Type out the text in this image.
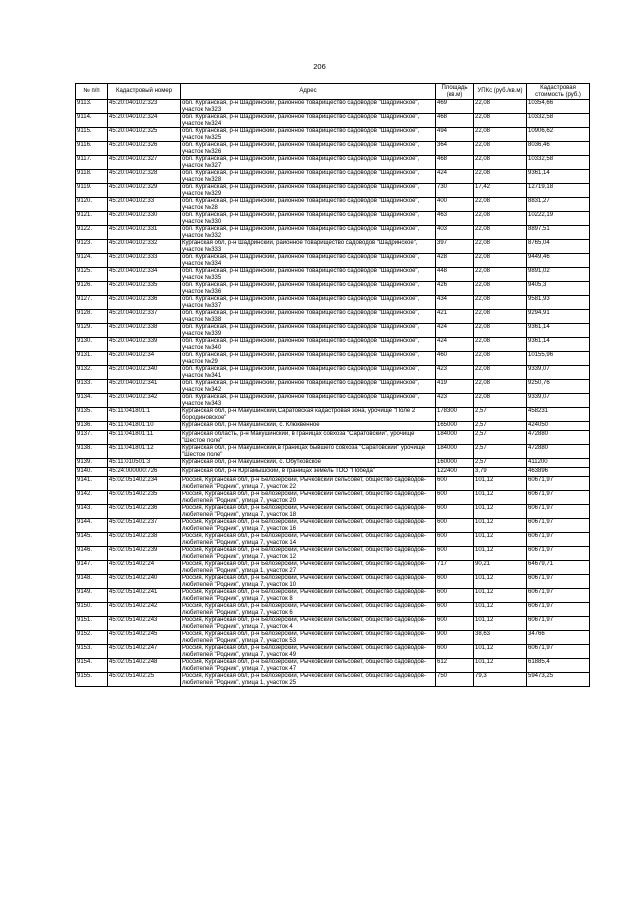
206
№ п/п	Кадастровый номер	Адрес	Площадь (кв.м)	УПКс (руб./кв.м)	Кадастровая стоимость (руб.)
9113.	45:20:040102:323	обл. Курганская, р-н Шадринский, районное товарищество садоводов "Шадринское", участок №323	469	22,08	10354,66
9114.	45:20:040102:324	обл. Курганская, р-н Шадринский, районное товарищество садоводов "Шадринское", участок №324	468	22,08	10332,58
9115.	45:20:040102:325	обл. Курганская, р-н Шадринский, районное товарищество садоводов "Шадринское", участок №325	494	22,08	10906,62
9116.	45:20:040102:326	обл. Курганская, р-н Шадринский, районное товарищество садоводов "Шадринское", участок №326	364	22,08	8036,46
9117.	45:20:040102:327	обл. Курганская, р-н Шадринский, районное товарищество садоводов "Шадринское", участок №327	468	22,08	10332,58
9118.	45:20:040102:328	обл. Курганская, р-н Шадринский, районное товарищество садоводов "Шадринское", участок №328	424	22,08	9361,14
9119.	45:20:040102:329	обл. Курганская, р-н Шадринский, районное товарищество садоводов "Шадринское", участок №329	730	17,42	12719,18
9120.	45:20:040102:33	обл. Курганская, р-н Шадринский, районное товарищество садоводов "Шадринское", участок №28	400	22,08	8831,27
9121.	45:20:040102:330	обл. Курганская, р-н Шадринский, районное товарищество садоводов "Шадринское", участок №330	463	22,08	10222,19
9122.	45:20:040102:331	обл. Курганская, р-н Шадринский, районное товарищество садоводов "Шадринское", участок №332	403	22,08	8897,51
9123.	45:20:040102:332	Курганская обл, р-н Шадринский, районное товарищество садоводов "Шадринское", участок №333	397	22,08	8765,04
9124.	45:20:040102:333	обл. Курганская, р-н Шадринский, районное товарищество садоводов "Шадринское", участок №334	428	22,08	9449,46
9125.	45:20:040102:334	обл. Курганская, р-н Шадринский, районное товарищество садоводов "Шадринское", участок №335	448	22,08	9891,02
9126.	45:20:040102:335	обл. Курганская, р-н Шадринский, районное товарищество садоводов "Шадринское", участок №336	426	22,08	9405,3
9127.	45:20:040102:336	обл. Курганская, р-н Шадринский, районное товарищество садоводов "Шадринское", участок №337	434	22,08	9581,93
9128.	45:20:040102:337	обл. Курганская, р-н Шадринский, районное товарищество садоводов "Шадринское", участок №338	421	22,08	9294,91
9129.	45:20:040102:338	обл. Курганская, р-н Шадринский, районное товарищество садоводов "Шадринское", участок №339	424	22,08	9361,14
9130.	45:20:040102:339	обл. Курганская, р-н Шадринский, районное товарищество садоводов "Шадринское", участок №340	424	22,08	9361,14
9131.	45:20:040102:34	обл. Курганская, р-н Шадринский, районное товарищество садоводов "Шадринское", участок №29	460	22,08	10155,96
9132.	45:20:040102:340	обл. Курганская, р-н Шадринский, районное товарищество садоводов "Шадринское", участок №341	423	22,08	9339,07
9133.	45:20:040102:341	обл. Курганская, р-н Шадринский, районное товарищество садоводов "Шадринское", участок №342	419	22,08	9250,76
9134.	45:20:040102:342	обл. Курганская, р-н Шадринский, районное товарищество садоводов "Шадринское", участок №343	423	22,08	9339,07
9135.	45:11:041801:1	Курганская обл, р-н Макушинский,Саратовская кадастровая зона, урочище "Поле 2 бородиновское"	178300	2,57	458231
9136.	45:11:041801:10	Курганская обл, р-н Макушинский, с. Клюквенное	165000	2,57	424050
9137.	45:11:041801:11	Курганская область, р-н Макушинский, в границах совхоза "Саратовский", урочище "Шестое поле"	184000	2,57	472880
9138.	45:11:041801:12	Курганская обл, р-н Макушинский,в границах бывшего совхоза "Саратовский" урочище "Шестое поле"	184000	2,57	472880
9139.	45:11:010501:3	Курганская обл, р-н Макушинский, с. Обутковское	160000	2,57	411200
9140.	45:24:000000:726	Курганская обл, р-н Юргамышский, в границах земель ТОО "Победа"	122400	3,79	463896
9141.	45:02:051402:234	Россия, Курганская обл, р-н Белозерский, Рычковский сельсовет, общество садоводов-любителей "Родник", улица 7, участок 22	600	101,12	60671,97
9142.	45:02:051402:235	Россия, Курганская обл, р-н Белозерский, Рычковский сельсовет, общество садоводов-любителей "Родник", улица 7, участок 20	600	101,12	60671,97
9143.	45:02:051402:236	Россия, Курганская обл, р-н Белозерский, Рычковский сельсовет, общество садоводов-любителей "Родник", улица 7, участок 18	600	101,12	60671,97
9144.	45:02:051402:237	Россия, Курганская обл, р-н Белозерский, Рычковский сельсовет, общество садоводов-любителей "Родник", улица 7, участок 16	600	101,12	60671,97
9145.	45:02:051402:238	Россия, Курганская обл, р-н Белозерский, Рычковский сельсовет, общество садоводов-любителей "Родник", улица 7, участок 14	600	101,12	60671,97
9146.	45:02:051402:239	Россия, Курганская обл, р-н Белозерский, Рычковский сельсовет, общество садоводов-любителей "Родник", улица 7, участок 12	600	101,12	60671,97
9147.	45:02:051402:24	Россия, Курганская обл, р-н Белозерский, Рычковский сельсовет, общество садоводов-любителей "Родник", улица 1, участок 27	717	90,21	64679,71
9148.	45:02:051402:240	Россия, Курганская обл, р-н Белозерский, Рычковский сельсовет, общество садоводов-любителей "Родник", улица 7, участок 10	600	101,12	60671,97
9149.	45:02:051402:241	Россия, Курганская обл, р-н Белозерский, Рычковский сельсовет, общество садоводов-любителей "Родник", улица 7, участок 8	600	101,12	60671,97
9150.	45:02:051402:242	Россия, Курганская обл, р-н Белозерский, Рычковский сельсовет, общество садоводов-любителей "Родник", улица 7, участок 6	600	101,12	60671,97
9151.	45:02:051402:243	Россия, Курганская обл, р-н Белозерский, Рычковский сельсовет, общество садоводов-любителей "Родник", улица 7, участок 4	600	101,12	60671,97
9152.	45:02:051402:245	Россия, Курганская обл, р-н Белозерский, Рычковский сельсовет, общество садоводов-любителей "Родник", улица 7, участок 53	900	38,63	34766
9153.	45:02:051402:247	Россия, Курганская обл, р-н Белозерский, Рычковский сельсовет, общество садоводов-любителей "Родник", улица 7, участок 49	600	101,12	60671,97
9154.	45:02:051402:248	Россия, Курганская обл, р-н Белозерский, Рычковский сельсовет, общество садоводов-любителей "Родник", улица 7, участок 47	612	101,12	61885,4
9155.	45:02:051402:25	Россия, Курганская обл, р-н Белозерский, Рычковский сельсовет, общество садоводов-любителей "Родник", улица 1, участок 25	750	79,3	59473,25
